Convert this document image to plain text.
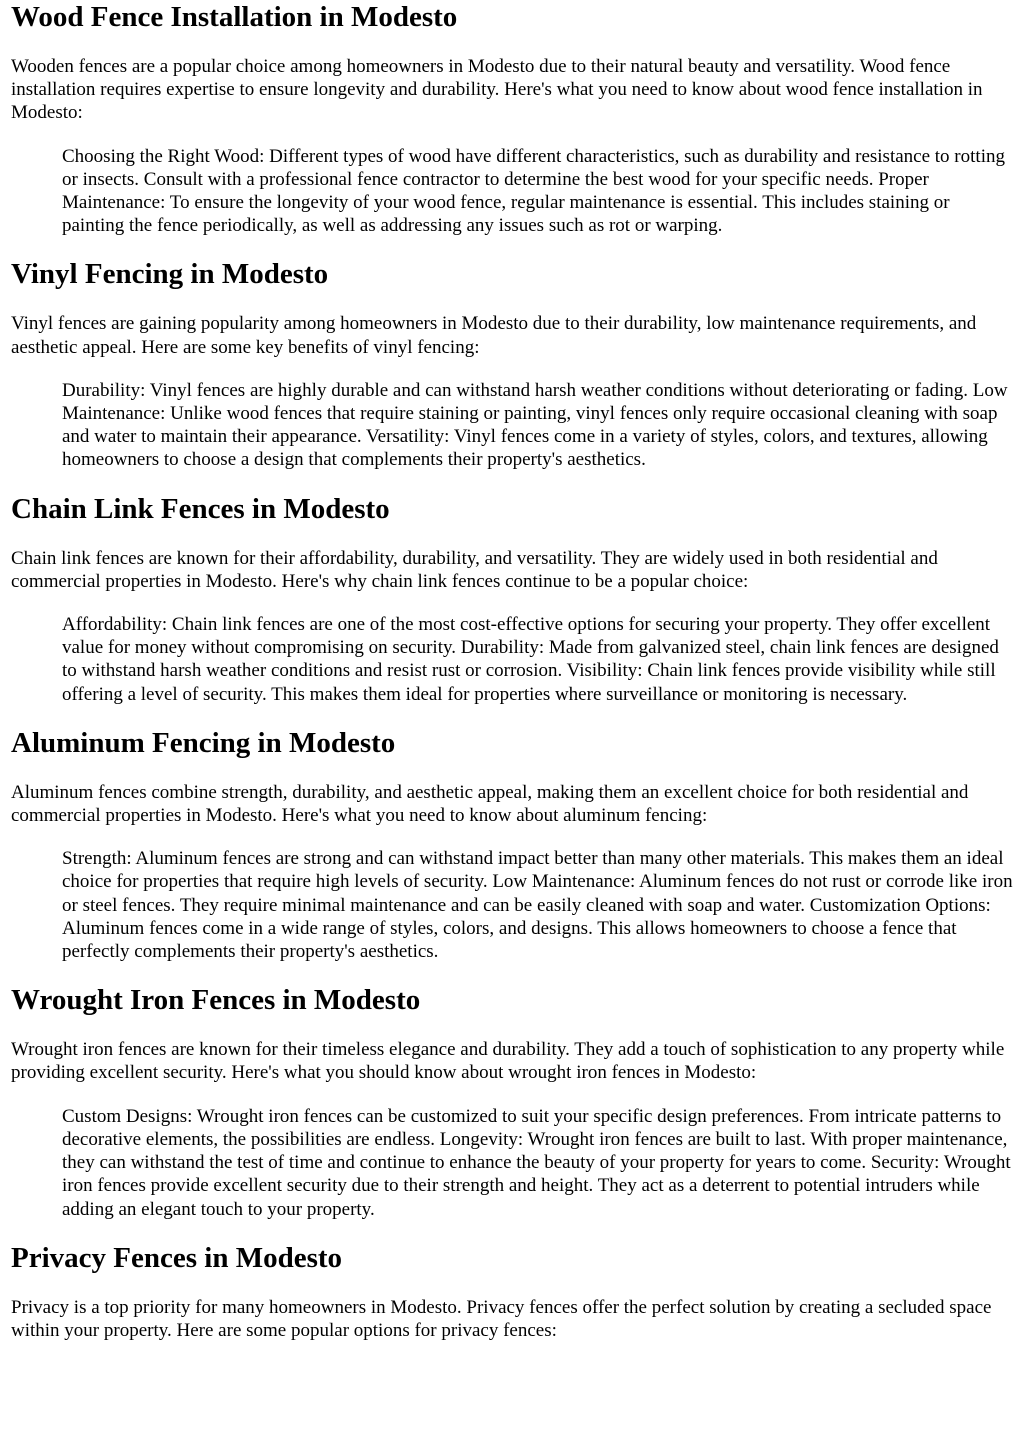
Wood Fence Installation in Modesto

Wooden fences are a popular choice among homeowners in Modesto due to their natural beauty and versatility. Wood fence installation requires expertise to ensure longevity and durability. Here's what you need to know about wood fence installation in Modesto:

Choosing the Right Wood: Different types of wood have different characteristics, such as durability and resistance to rotting or insects. Consult with a professional fence contractor to determine the best wood for your specific needs. Proper Maintenance: To ensure the longevity of your wood fence, regular maintenance is essential. This includes staining or painting the fence periodically, as well as addressing any issues such as rot or warping.
Vinyl Fencing in Modesto

Vinyl fences are gaining popularity among homeowners in Modesto due to their durability, low maintenance requirements, and aesthetic appeal. Here are some key benefits of vinyl fencing:

Durability: Vinyl fences are highly durable and can withstand harsh weather conditions without deteriorating or fading. Low Maintenance: Unlike wood fences that require staining or painting, vinyl fences only require occasional cleaning with soap and water to maintain their appearance. Versatility: Vinyl fences come in a variety of styles, colors, and textures, allowing homeowners to choose a design that complements their property's aesthetics.
Chain Link Fences in Modesto

Chain link fences are known for their affordability, durability, and versatility. They are widely used in both residential and commercial properties in Modesto. Here's why chain link fences continue to be a popular choice:

Affordability: Chain link fences are one of the most cost-effective options for securing your property. They offer excellent value for money without compromising on security. Durability: Made from galvanized steel, chain link fences are designed to withstand harsh weather conditions and resist rust or corrosion. Visibility: Chain link fences provide visibility while still offering a level of security. This makes them ideal for properties where surveillance or monitoring is necessary.
Aluminum Fencing in Modesto

Aluminum fences combine strength, durability, and aesthetic appeal, making them an excellent choice for both residential and commercial properties in Modesto. Here's what you need to know about aluminum fencing:

Strength: Aluminum fences are strong and can withstand impact better than many other materials. This makes them an ideal choice for properties that require high levels of security. Low Maintenance: Aluminum fences do not rust or corrode like iron or steel fences. They require minimal maintenance and can be easily cleaned with soap and water. Customization Options: Aluminum fences come in a wide range of styles, colors, and designs. This allows homeowners to choose a fence that perfectly complements their property's aesthetics.
Wrought Iron Fences in Modesto

Wrought iron fences are known for their timeless elegance and durability. They add a touch of sophistication to any property while providing excellent security. Here's what you should know about wrought iron fences in Modesto:

Custom Designs: Wrought iron fences can be customized to suit your specific design preferences. From intricate patterns to decorative elements, the possibilities are endless. Longevity: Wrought iron fences are built to last. With proper maintenance, they can withstand the test of time and continue to enhance the beauty of your property for years to come. Security: Wrought iron fences provide excellent security due to their strength and height. They act as a deterrent to potential intruders while adding an elegant touch to your property.
Privacy Fences in Modesto

Privacy is a top priority for many homeowners in Modesto. Privacy fences offer the perfect solution by creating a secluded space within your property. Here are some popular options for privacy fences:
